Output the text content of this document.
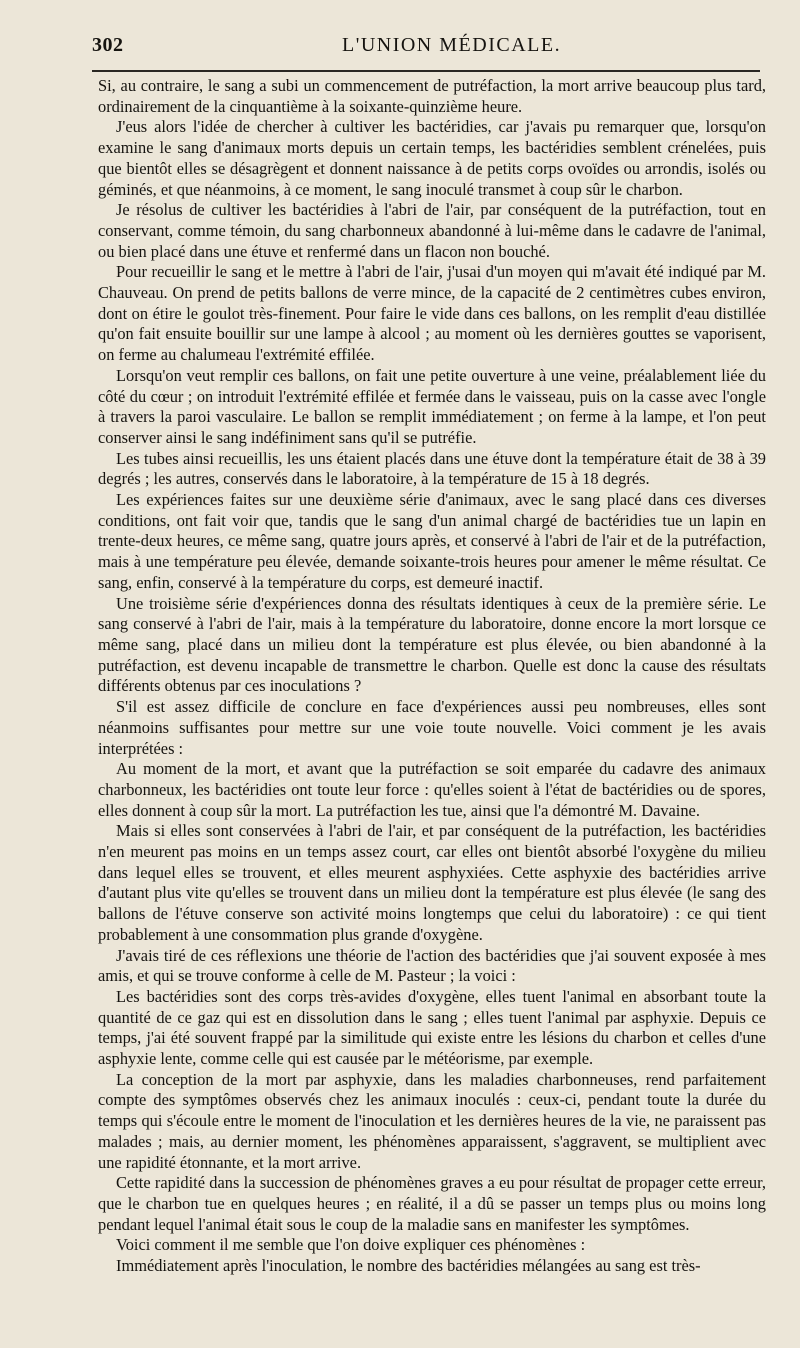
302	L'UNION MÉDICALE.

Si, au contraire, le sang a subi un commencement de putréfaction, la mort arrive beaucoup plus tard, ordinairement de la cinquantième à la soixante-quinzième heure.

J'eus alors l'idée de chercher à cultiver les bactéridies, car j'avais pu remarquer que, lorsqu'on examine le sang d'animaux morts depuis un certain temps, les bactéridies semblent crénelées, puis que bientôt elles se désagrègent et donnent naissance à de petits corps ovoïdes ou arrondis, isolés ou géminés, et que néanmoins, à ce moment, le sang inoculé transmet à coup sûr le charbon.

Je résolus de cultiver les bactéridies à l'abri de l'air, par conséquent de la putréfaction, tout en conservant, comme témoin, du sang charbonneux abandonné à lui-même dans le cadavre de l'animal, ou bien placé dans une étuve et renfermé dans un flacon non bouché.

Pour recueillir le sang et le mettre à l'abri de l'air, j'usai d'un moyen qui m'avait été indiqué par M. Chauveau. On prend de petits ballons de verre mince, de la capacité de 2 centimètres cubes environ, dont on étire le goulot très-finement. Pour faire le vide dans ces ballons, on les remplit d'eau distillée qu'on fait ensuite bouillir sur une lampe à alcool ; au moment où les dernières gouttes se vaporisent, on ferme au chalumeau l'extrémité effilée.

Lorsqu'on veut remplir ces ballons, on fait une petite ouverture à une veine, préalablement liée du côté du cœur ; on introduit l'extrémité effilée et fermée dans le vaisseau, puis on la casse avec l'ongle à travers la paroi vasculaire. Le ballon se remplit immédiatement ; on ferme à la lampe, et l'on peut conserver ainsi le sang indéfiniment sans qu'il se putréfie.

Les tubes ainsi recueillis, les uns étaient placés dans une étuve dont la température était de 38 à 39 degrés ; les autres, conservés dans le laboratoire, à la température de 15 à 18 degrés.

Les expériences faites sur une deuxième série d'animaux, avec le sang placé dans ces diverses conditions, ont fait voir que, tandis que le sang d'un animal chargé de bactéridies tue un lapin en trente-deux heures, ce même sang, quatre jours après, et conservé à l'abri de l'air et de la putréfaction, mais à une température peu élevée, demande soixante-trois heures pour amener le même résultat. Ce sang, enfin, conservé à la température du corps, est demeuré inactif.

Une troisième série d'expériences donna des résultats identiques à ceux de la première série. Le sang conservé à l'abri de l'air, mais à la température du laboratoire, donne encore la mort lorsque ce même sang, placé dans un milieu dont la température est plus élevée, ou bien abandonné à la putréfaction, est devenu incapable de transmettre le charbon. Quelle est donc la cause des résultats différents obtenus par ces inoculations ?

S'il est assez difficile de conclure en face d'expériences aussi peu nombreuses, elles sont néanmoins suffisantes pour mettre sur une voie toute nouvelle. Voici comment je les avais interprétées :

Au moment de la mort, et avant que la putréfaction se soit emparée du cadavre des animaux charbonneux, les bactéridies ont toute leur force : qu'elles soient à l'état de bactéridies ou de spores, elles donnent à coup sûr la mort. La putréfaction les tue, ainsi que l'a démontré M. Davaine.

Mais si elles sont conservées à l'abri de l'air, et par conséquent de la putréfaction, les bactéridies n'en meurent pas moins en un temps assez court, car elles ont bientôt absorbé l'oxygène du milieu dans lequel elles se trouvent, et elles meurent asphyxiées. Cette asphyxie des bactéridies arrive d'autant plus vite qu'elles se trouvent dans un milieu dont la température est plus élevée (le sang des ballons de l'étuve conserve son activité moins longtemps que celui du laboratoire) : ce qui tient probablement à une consommation plus grande d'oxygène.

J'avais tiré de ces réflexions une théorie de l'action des bactéridies que j'ai souvent exposée à mes amis, et qui se trouve conforme à celle de M. Pasteur ; la voici :

Les bactéridies sont des corps très-avides d'oxygène, elles tuent l'animal en absorbant toute la quantité de ce gaz qui est en dissolution dans le sang ; elles tuent l'animal par asphyxie. Depuis ce temps, j'ai été souvent frappé par la similitude qui existe entre les lésions du charbon et celles d'une asphyxie lente, comme celle qui est causée par le météorisme, par exemple.

La conception de la mort par asphyxie, dans les maladies charbonneuses, rend parfaitement compte des symptômes observés chez les animaux inoculés : ceux-ci, pendant toute la durée du temps qui s'écoule entre le moment de l'inoculation et les dernières heures de la vie, ne paraissent pas malades ; mais, au dernier moment, les phénomènes apparaissent, s'aggravent, se multiplient avec une rapidité étonnante, et la mort arrive.

Cette rapidité dans la succession de phénomènes graves a eu pour résultat de propager cette erreur, que le charbon tue en quelques heures ; en réalité, il a dû se passer un temps plus ou moins long pendant lequel l'animal était sous le coup de la maladie sans en manifester les symptômes.

Voici comment il me semble que l'on doive expliquer ces phénomènes :

Immédiatement après l'inoculation, le nombre des bactéridies mélangées au sang est très-
